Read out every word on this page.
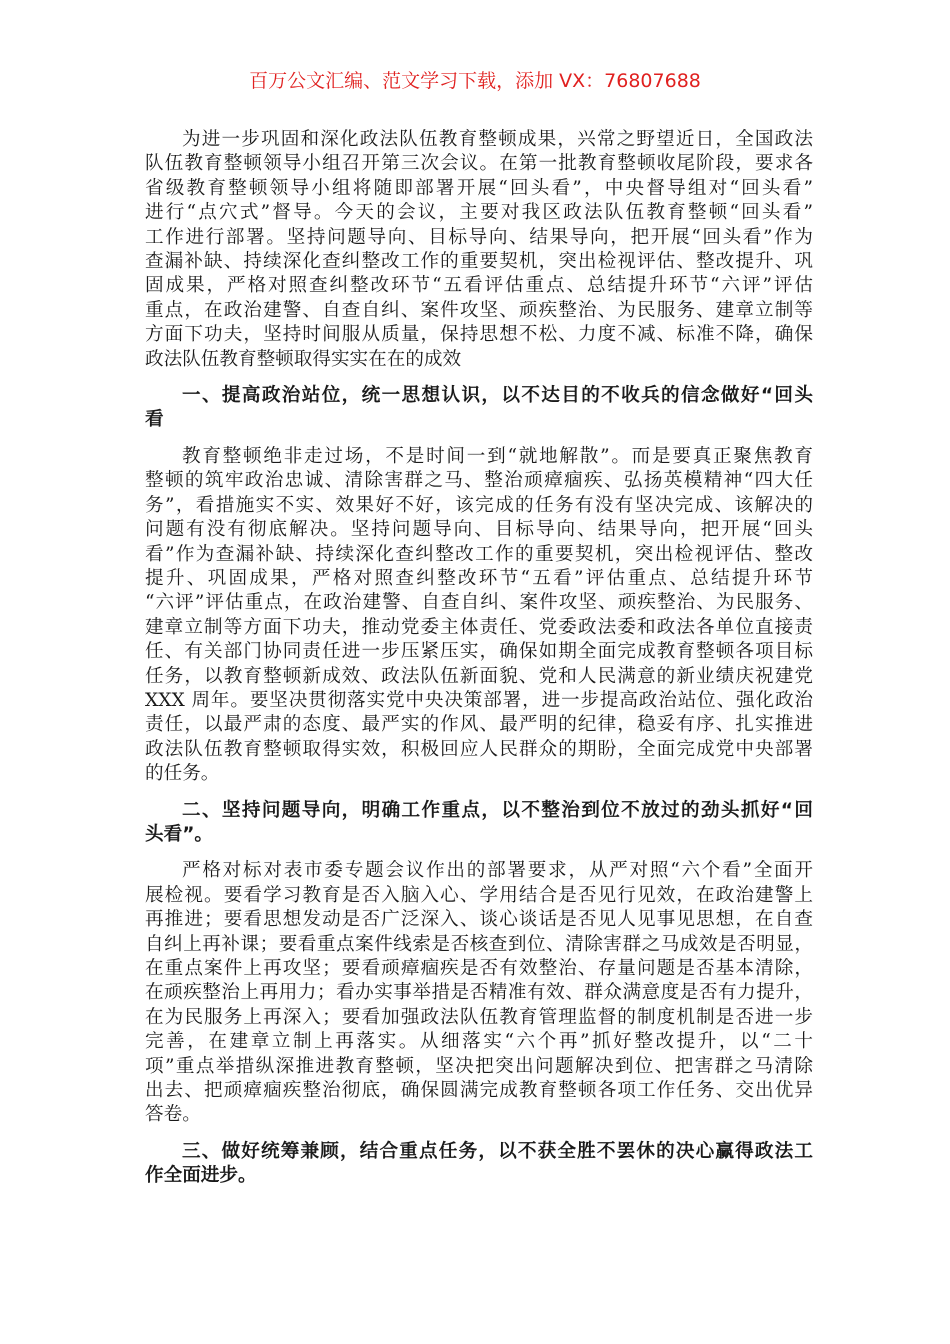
百万公文汇编、范文学习下载，添加 VX：76807688
为进一步巩固和深化政法队伍教育整顿成果，兴常之野望近日，全国政法
队伍教育整顿领导小组召开第三次会议。在第一批教育整顿收尾阶段，要求各
省级教育整顿领导小组将随即部署开展“回头看”，中央督导组对“回头看”
进行“点穴式”督导。今天的会议，主要对我区政法队伍教育整顿“回头看”
工作进行部署。坚持问题导向、目标导向、结果导向，把开展“回头看”作为
查漏补缺、持续深化查纠整改工作的重要契机，突出检视评估、整改提升、巩
固成果，严格对照查纠整改环节“五看评估重点、总结提升环节“六评”评估
重点，在政治建警、自查自纠、案件攻坚、顽疾整治、为民服务、建章立制等
方面下功夫，坚持时间服从质量，保持思想不松、力度不减、标准不降，确保
政法队伍教育整顿取得实实在在的成效
一、提高政治站位，统一思想认识，以不达目的不收兵的信念做好“回头
看
教育整顿绝非走过场，不是时间一到“就地解散”。而是要真正聚焦教育
整顿的筑牢政治忠诚、清除害群之马、整治顽瘴痼疾、弘扬英模精神“四大任
务”，看措施实不实、效果好不好，该完成的任务有没有坚决完成、该解决的
问题有没有彻底解决。坚持问题导向、目标导向、结果导向，把开展“回头
看”作为查漏补缺、持续深化查纠整改工作的重要契机，突出检视评估、整改
提升、巩固成果，严格对照查纠整改环节“五看”评估重点、总结提升环节
“六评”评估重点，在政治建警、自查自纠、案件攻坚、顽疾整治、为民服务、
建章立制等方面下功夫，推动党委主体责任、党委政法委和政法各单位直接责
任、有关部门协同责任进一步压紧压实，确保如期全面完成教育整顿各项目标
任务，以教育整顿新成效、政法队伍新面貌、党和人民满意的新业绩庆祝建党
XXX 周年。要坚决贯彻落实党中央决策部署，进一步提高政治站位、强化政治
责任，以最严肃的态度、最严实的作风、最严明的纪律，稳妥有序、扎实推进
政法队伍教育整顿取得实效，积极回应人民群众的期盼，全面完成党中央部署
的任务。
二、坚持问题导向，明确工作重点，以不整治到位不放过的劲头抓好“回
头看”。
严格对标对表市委专题会议作出的部署要求，从严对照“六个看”全面开
展检视。要看学习教育是否入脑入心、学用结合是否见行见效，在政治建警上
再推进；要看思想发动是否广泛深入、谈心谈话是否见人见事见思想，在自查
自纠上再补课；要看重点案件线索是否核查到位、清除害群之马成效是否明显，
在重点案件上再攻坚；要看顽瘴痼疾是否有效整治、存量问题是否基本清除，
在顽疾整治上再用力；看办实事举措是否精准有效、群众满意度是否有力提升，
在为民服务上再深入；要看加强政法队伍教育管理监督的制度机制是否进一步
完善，在建章立制上再落实。从细落实“六个再”抓好整改提升，以“二十
项”重点举措纵深推进教育整顿，坚决把突出问题解决到位、把害群之马清除
出去、把顽瘴痼疾整治彻底，确保圆满完成教育整顿各项工作任务、交出优异
答卷。
三、做好统筹兼顾，结合重点任务，以不获全胜不罢休的决心赢得政法工
作全面进步。
